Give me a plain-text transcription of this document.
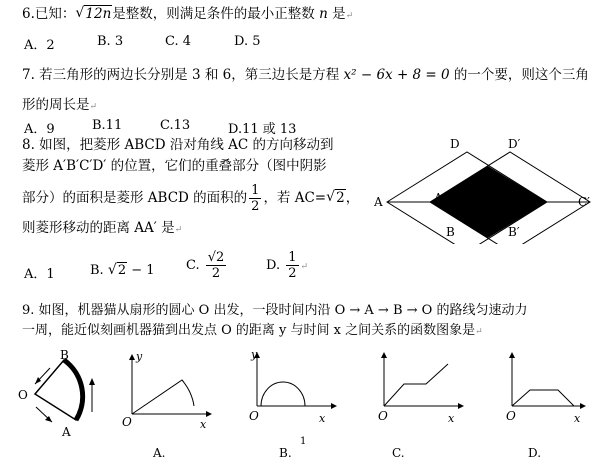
6.已知： √ 12n是整数，则满足条件的最小正整数 n 是↵
A．2	B. 3	C. 4	D. 5
7. 若三角形的两边长分别是 3 和 6，第三边长是方程 x² − 6x + 8 = 0 的一个要，则这个三角
形的周长是↵
A．9	B.11	C.13	D.11 或 13
8. 如图，把菱形 ABCD 沿对角线 AC 的方向移动到
菱形 A′B′C′D′ 的位置，它们的重叠部分（图中阴影
部分）的面积是菱形 ABCD 的面积的 $\frac{1}{2}$ ，若 AC= √ 2，
则菱形移动的距离 AA′ 是↵
A．1	B. √ 2 − 1 C. $\frac{√2}{2}$	D. $\frac{1}{2}$ ↵
D	D′
A	A′	C	C′
B	B′
9. 如图，机器猫从扇形的圆心 O 出发，一段时间内沿 O → A → B → O 的路线匀速动力
一周，能近似刻画机器猫到出发点 O 的距离 y 与时间 x 之间关系的函数图象是↵
O
B
A
y
O	x
A.
y
O	x
B.
1
O	x
C.
O	x
D.
